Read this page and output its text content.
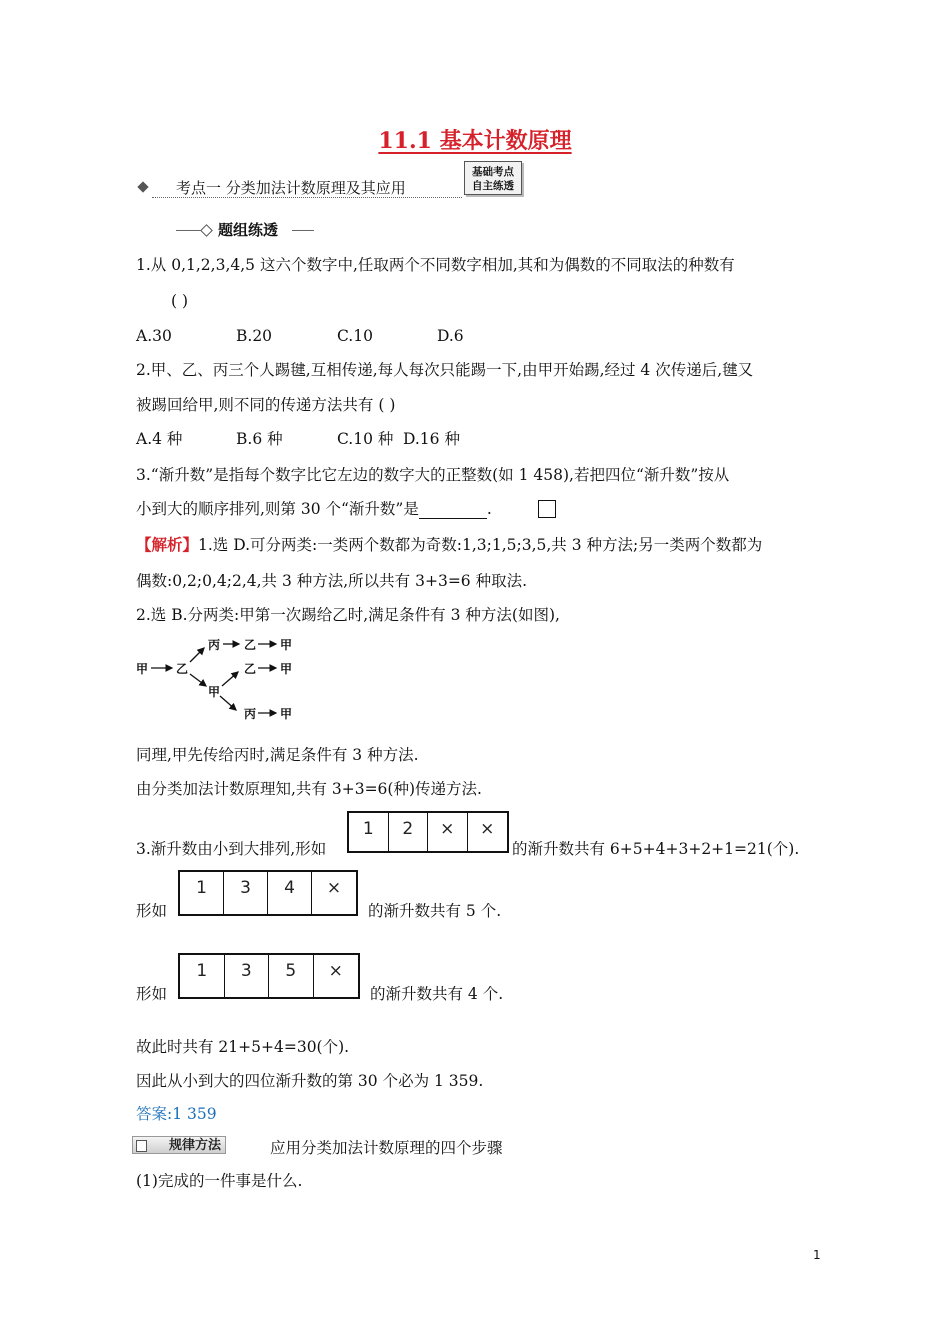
11.1 基本计数原理
考点一 分类加法计数原理及其应用
基础考点
自主练透
题组练透
1.从 0,1,2,3,4,5 这六个数字中,任取两个不同数字相加,其和为偶数的不同取法的种数有
( )
A.30	B.20	C.10	D.6
2.甲、乙、丙三个人踢毽,互相传递,每人每次只能踢一下,由甲开始踢,经过 4 次传递后,毽又
被踢回给甲,则不同的传递方法共有 ( )
A.4 种	B.6 种	C.10 种 D.16 种
3.“渐升数”是指每个数字比它左边的数字大的正整数(如 1 458),若把四位“渐升数”按从
小到大的顺序排列,则第 30 个“渐升数”是	.
【解析】1.选 D.可分两类:一类两个数都为奇数:1,3;1,5;3,5,共 3 种方法;另一类两个数都为
偶数:0,2;0,4;2,4,共 3 种方法,所以共有 3+3=6 种取法.
2.选 B.分两类:甲第一次踢给乙时,满足条件有 3 种方法(如图),
甲 乙
丙 乙 甲
乙 甲
甲
丙 甲
同理,甲先传给丙时,满足条件有 3 种方法.
由分类加法计数原理知,共有 3+3=6(种)传递方法.
3.渐升数由小到大排列,形如
1	2	×	×
的渐升数共有 6+5+4+3+2+1=21(个).
形如
1	3	4	×
的渐升数共有 5 个.
形如
1	3	5	×
的渐升数共有 4 个.
故此时共有 21+5+4=30(个).
因此从小到大的四位渐升数的第 30 个必为 1 359.
答案:1 359
规律方法	应用分类加法计数原理的四个步骤
(1)完成的一件事是什么.
1
